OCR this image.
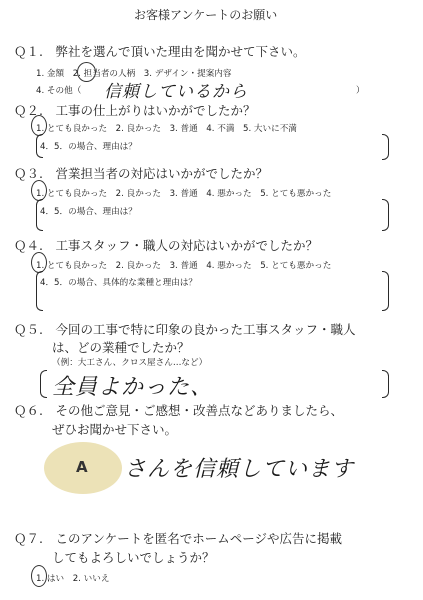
お客様アンケートのお願い
Ｑ１.　弊社を選んで頂いた理由を聞かせて下さい。
1. 金額　2. 担当者の人柄　3. デザイン・提案内容
4. その他（	）
信頼しているから
Ｑ２.　工事の仕上がりはいかがでしたか？
1. とても良かった　2. 良かった　3. 普通　4. 不満　5. 大いに不満
4．5．の場合、理由は？
Ｑ３.　営業担当者の対応はいかがでしたか？
1. とても良かった　2. 良かった　3. 普通　4. 悪かった　5. とても悪かった
4．5．の場合、理由は？
Ｑ４.　工事スタッフ・職人の対応はいかがでしたか？
1. とても良かった　2. 良かった　3. 普通　4. 悪かった　5. とても悪かった
4．5．の場合、具体的な業種と理由は？
Ｑ５.　今回の工事で特に印象の良かった工事スタッフ・職人
は、どの業種でしたか？
（例：大工さん、クロス屋さん…など）
全員よかった、
Ｑ６.　その他ご意見・ご感想・改善点などありましたら、
ぜひお聞かせ下さい。
A さんを信頼しています
Ｑ７.　このアンケートを匿名でホームページや広告に掲載
してもよろしいでしょうか？
1. はい　2. いいえ
